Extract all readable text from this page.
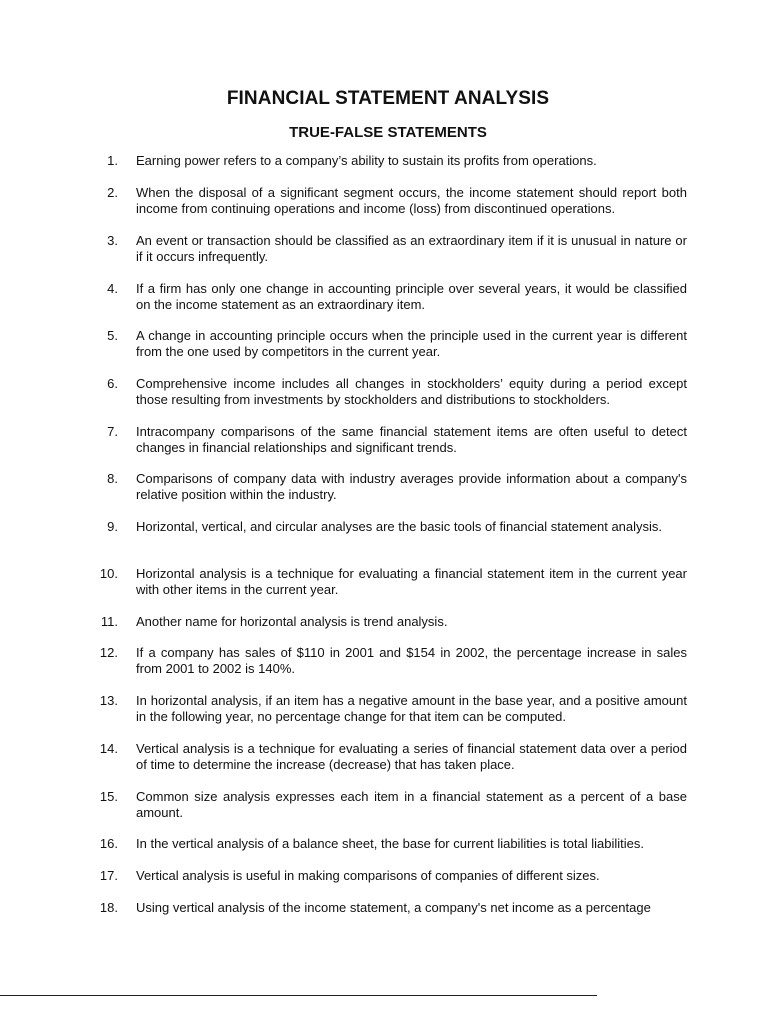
FINANCIAL STATEMENT ANALYSIS
TRUE-FALSE STATEMENTS
1. Earning power refers to a company’s ability to sustain its profits from operations.
2. When the disposal of a significant segment occurs, the income statement should report both income from continuing operations and income (loss) from discontinued operations.
3. An event or transaction should be classified as an extraordinary item if it is unusual in nature or if it occurs infrequently.
4. If a firm has only one change in accounting principle over several years, it would be classified on the income statement as an extraordinary item.
5. A change in accounting principle occurs when the principle used in the current year is different from the one used by competitors in the current year.
6. Comprehensive income includes all changes in stockholders’ equity during a period except those resulting from investments by stockholders and distributions to stockholders.
7. Intracompany comparisons of the same financial statement items are often useful to detect changes in financial relationships and significant trends.
8. Comparisons of company data with industry averages provide information about a company's relative position within the industry.
9. Horizontal, vertical, and circular analyses are the basic tools of financial statement analysis.
10. Horizontal analysis is a technique for evaluating a financial statement item in the current year with other items in the current year.
11. Another name for horizontal analysis is trend analysis.
12. If a company has sales of $110 in 2001 and $154 in 2002, the percentage increase in sales from 2001 to 2002 is 140%.
13. In horizontal analysis, if an item has a negative amount in the base year, and a positive amount in the following year, no percentage change for that item can be computed.
14. Vertical analysis is a technique for evaluating a series of financial statement data over a period of time to determine the increase (decrease) that has taken place.
15. Common size analysis expresses each item in a financial statement as a percent of a base amount.
16. In the vertical analysis of a balance sheet, the base for current liabilities is total liabilities.
17. Vertical analysis is useful in making comparisons of companies of different sizes.
18. Using vertical analysis of the income statement, a company's net income as a percentage
